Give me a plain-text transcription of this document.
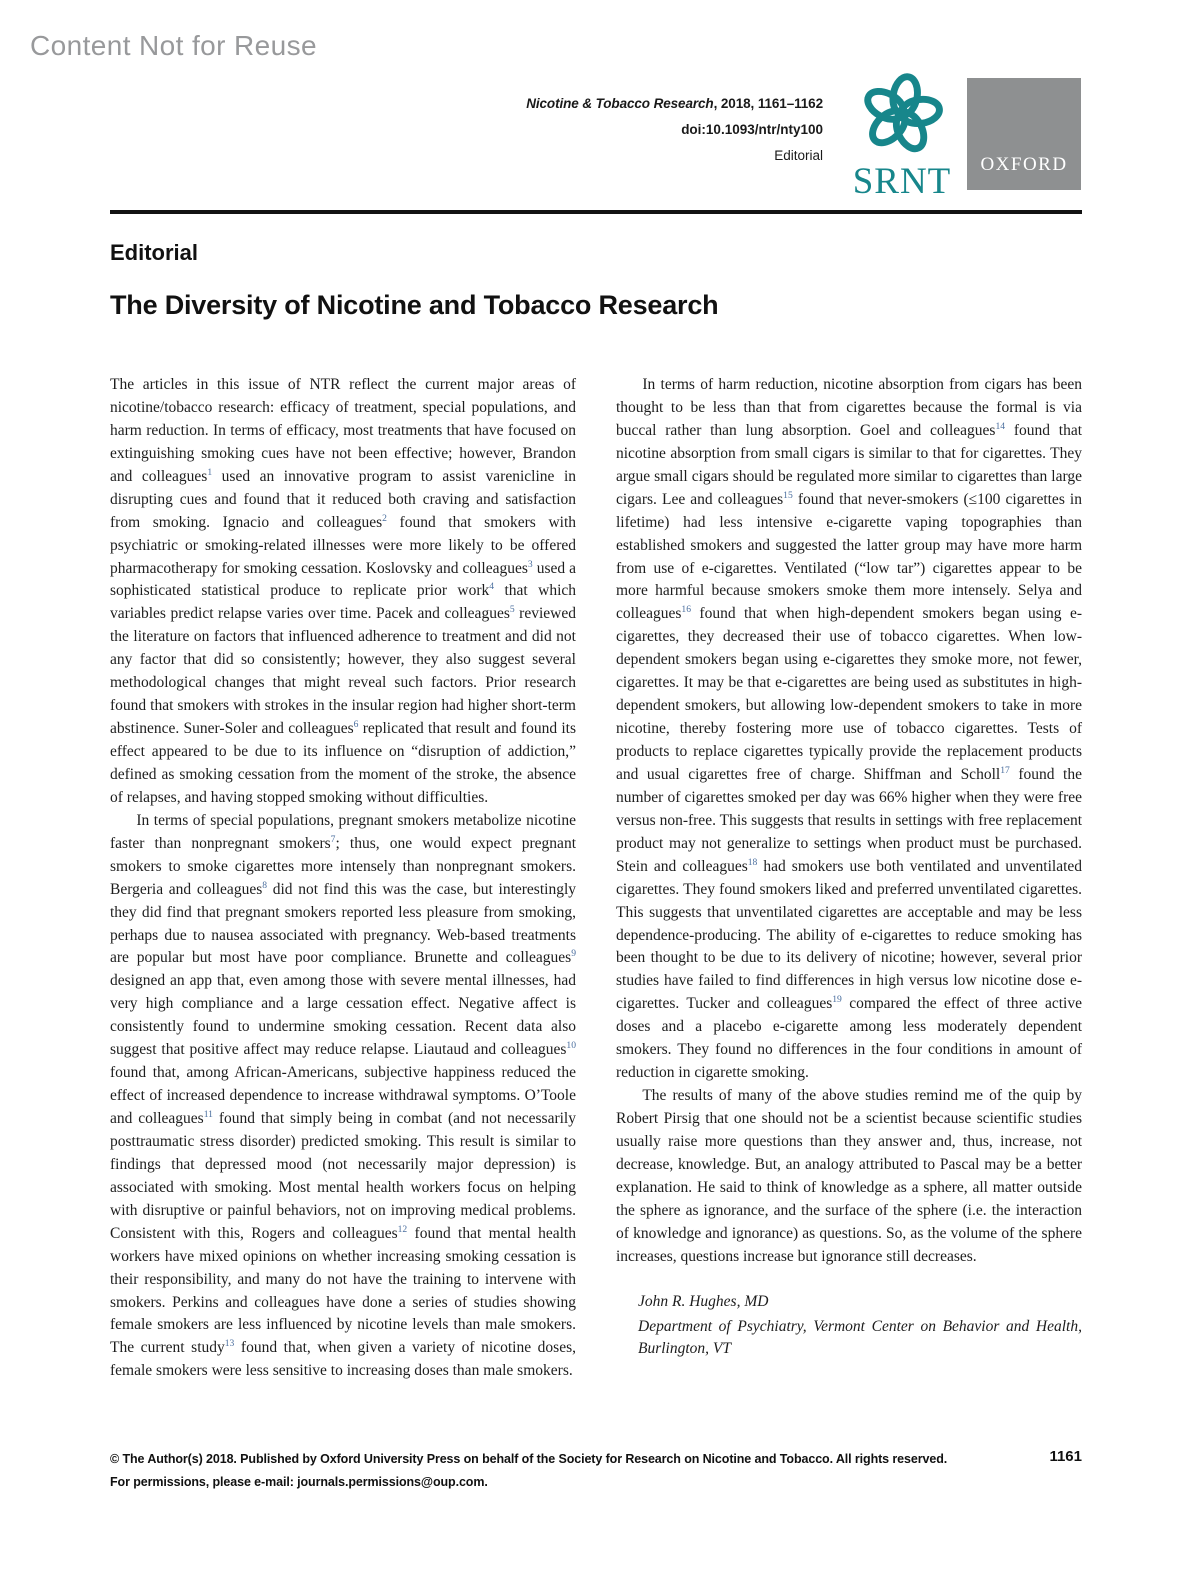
Content Not for Reuse
Nicotine & Tobacco Research, 2018, 1161–1162
doi:10.1093/ntr/nty100
Editorial
SRNT	OXFORD
Editorial
The Diversity of Nicotine and Tobacco Research

The articles in this issue of NTR reflect the current major areas of nicotine/tobacco research: efficacy of treatment, special populations, and harm reduction. In terms of efficacy, most treatments that have focused on extinguishing smoking cues have not been effective; however, Brandon and colleagues$^1$ used an innovative program to assist varenicline in disrupting cues and found that it reduced both craving and satisfaction from smoking. Ignacio and colleagues$^2$ found that smokers with psychiatric or smoking-related illnesses were more likely to be offered pharmacotherapy for smoking cessation. Koslovsky and colleagues$^3$ used a sophisticated statistical produce to replicate prior work$^4$ that which variables predict relapse varies over time. Pacek and colleagues$^5$ reviewed the literature on factors that influenced adherence to treatment and did not any factor that did so consistently; however, they also suggest several methodological changes that might reveal such factors. Prior research found that smokers with strokes in the insular region had higher short-term abstinence. Suner-Soler and colleagues$^6$ replicated that result and found its effect appeared to be due to its influence on “disruption of addiction,” defined as smoking cessation from the moment of the stroke, the absence of relapses, and having stopped smoking without difficulties.

In terms of special populations, pregnant smokers metabolize nicotine faster than nonpregnant smokers$^7$; thus, one would expect pregnant smokers to smoke cigarettes more intensely than nonpregnant smokers. Bergeria and colleagues$^8$ did not find this was the case, but interestingly they did find that pregnant smokers reported less pleasure from smoking, perhaps due to nausea associated with pregnancy. Web-based treatments are popular but most have poor compliance. Brunette and colleagues$^9$ designed an app that, even among those with severe mental illnesses, had very high compliance and a large cessation effect. Negative affect is consistently found to undermine smoking cessation. Recent data also suggest that positive affect may reduce relapse. Liautaud and colleagues$^{10}$ found that, among African-Americans, subjective happiness reduced the effect of increased dependence to increase withdrawal symptoms. O’Toole and colleagues$^{11}$ found that simply being in combat (and not necessarily posttraumatic stress disorder) predicted smoking. This result is similar to findings that depressed mood (not necessarily major depression) is associated with smoking. Most mental health workers focus on helping with disruptive or painful behaviors, not on improving medical problems. Consistent with this, Rogers and colleagues$^{12}$ found that mental health workers have mixed opinions on whether increasing smoking cessation is their responsibility, and many do not have the training to intervene with smokers. Perkins and colleagues have done a series of studies showing female smokers are less influenced by nicotine levels than male smokers. The current study$^{13}$ found that, when given a variety of nicotine doses, female smokers were less sensitive to increasing doses than male smokers.

In terms of harm reduction, nicotine absorption from cigars has been thought to be less than that from cigarettes because the formal is via buccal rather than lung absorption. Goel and colleagues$^{14}$ found that nicotine absorption from small cigars is similar to that for cigarettes. They argue small cigars should be regulated more similar to cigarettes than large cigars. Lee and colleagues$^{15}$ found that never-smokers (≤100 cigarettes in lifetime) had less intensive e-cigarette vaping topographies than established smokers and suggested the latter group may have more harm from use of e-cigarettes. Ventilated (“low tar”) cigarettes appear to be more harmful because smokers smoke them more intensely. Selya and colleagues$^{16}$ found that when high-dependent smokers began using e-cigarettes, they decreased their use of tobacco cigarettes. When low-dependent smokers began using e-cigarettes they smoke more, not fewer, cigarettes. It may be that e-cigarettes are being used as substitutes in high-dependent smokers, but allowing low-dependent smokers to take in more nicotine, thereby fostering more use of tobacco cigarettes. Tests of products to replace cigarettes typically provide the replacement products and usual cigarettes free of charge. Shiffman and Scholl$^{17}$ found the number of cigarettes smoked per day was 66% higher when they were free versus non-free. This suggests that results in settings with free replacement product may not generalize to settings when product must be purchased. Stein and colleagues$^{18}$ had smokers use both ventilated and unventilated cigarettes. They found smokers liked and preferred unventilated cigarettes. This suggests that unventilated cigarettes are acceptable and may be less dependence-producing. The ability of e-cigarettes to reduce smoking has been thought to be due to its delivery of nicotine; however, several prior studies have failed to find differences in high versus low nicotine dose e-cigarettes. Tucker and colleagues$^{19}$ compared the effect of three active doses and a placebo e-cigarette among less moderately dependent smokers. They found no differences in the four conditions in amount of reduction in cigarette smoking.

The results of many of the above studies remind me of the quip by Robert Pirsig that one should not be a scientist because scientific studies usually raise more questions than they answer and, thus, increase, not decrease, knowledge. But, an analogy attributed to Pascal may be a better explanation. He said to think of knowledge as a sphere, all matter outside the sphere as ignorance, and the surface of the sphere (i.e. the interaction of knowledge and ignorance) as questions. So, as the volume of the sphere increases, questions increase but ignorance still decreases.

John R. Hughes, MD
Department of Psychiatry, Vermont Center on Behavior and Health, Burlington, VT
© The Author(s) 2018. Published by Oxford University Press on behalf of the Society for Research on Nicotine and Tobacco. All rights reserved.
For permissions, please e-mail: journals.permissions@oup.com.
1161
